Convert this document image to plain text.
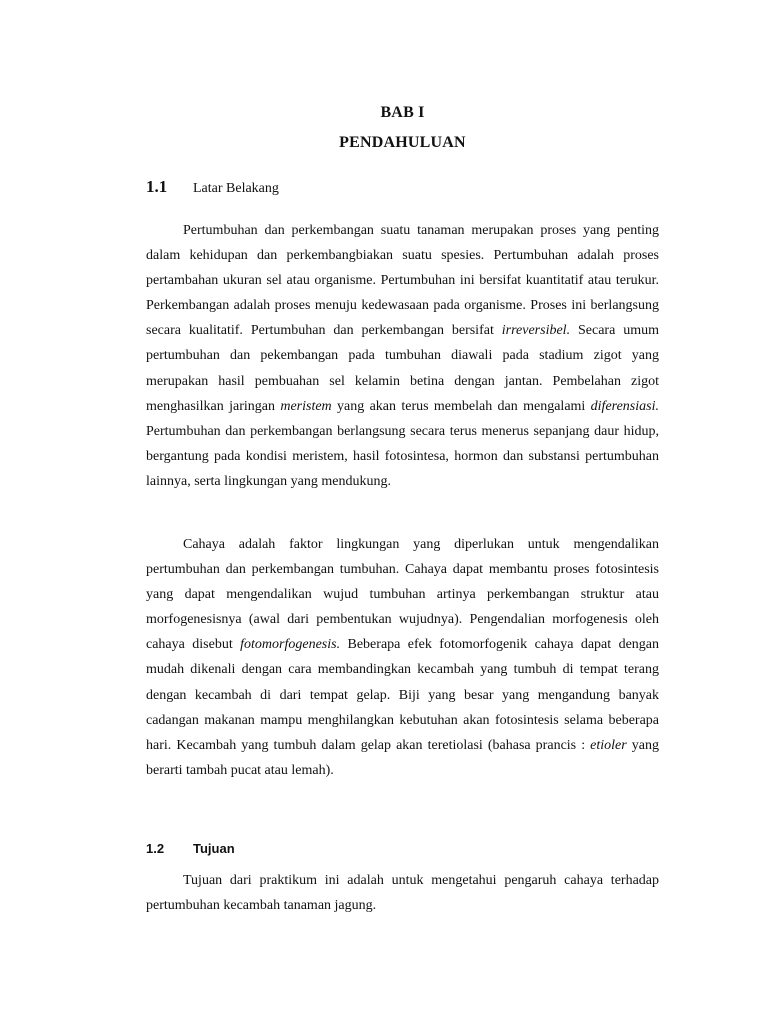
BAB I
PENDAHULUAN
1.1 Latar Belakang

Pertumbuhan dan perkembangan suatu tanaman merupakan proses yang penting dalam kehidupan dan perkembangbiakan suatu spesies. Pertumbuhan adalah proses pertambahan ukuran sel atau organisme. Pertumbuhan ini bersifat kuantitatif atau terukur. Perkembangan adalah proses menuju kedewasaan pada organisme. Proses ini berlangsung secara kualitatif. Pertumbuhan dan perkembangan bersifat irreversibel. Secara umum pertumbuhan dan pekembangan pada tumbuhan diawali pada stadium zigot yang merupakan hasil pembuahan sel kelamin betina dengan jantan. Pembelahan zigot menghasilkan jaringan meristem yang akan terus membelah dan mengalami diferensiasi. Pertumbuhan dan perkembangan berlangsung secara terus menerus sepanjang daur hidup, bergantung pada kondisi meristem, hasil fotosintesa, hormon dan substansi pertumbuhan lainnya, serta lingkungan yang mendukung.

Cahaya adalah faktor lingkungan yang diperlukan untuk mengendalikan pertumbuhan dan perkembangan tumbuhan. Cahaya dapat membantu proses fotosintesis yang dapat mengendalikan wujud tumbuhan artinya perkembangan struktur atau morfogenesisnya (awal dari pembentukan wujudnya). Pengendalian morfogenesis oleh cahaya disebut fotomorfogenesis. Beberapa efek fotomorfogenik cahaya dapat dengan mudah dikenali dengan cara membandingkan kecambah yang tumbuh di tempat terang dengan kecambah di dari tempat gelap. Biji yang besar yang mengandung banyak cadangan makanan mampu menghilangkan kebutuhan akan fotosintesis selama beberapa hari. Kecambah yang tumbuh dalam gelap akan teretiolasi (bahasa prancis : etioler yang berarti tambah pucat atau lemah).

1.2 Tujuan

Tujuan dari praktikum ini adalah untuk mengetahui pengaruh cahaya terhadap pertumbuhan kecambah tanaman jagung.
